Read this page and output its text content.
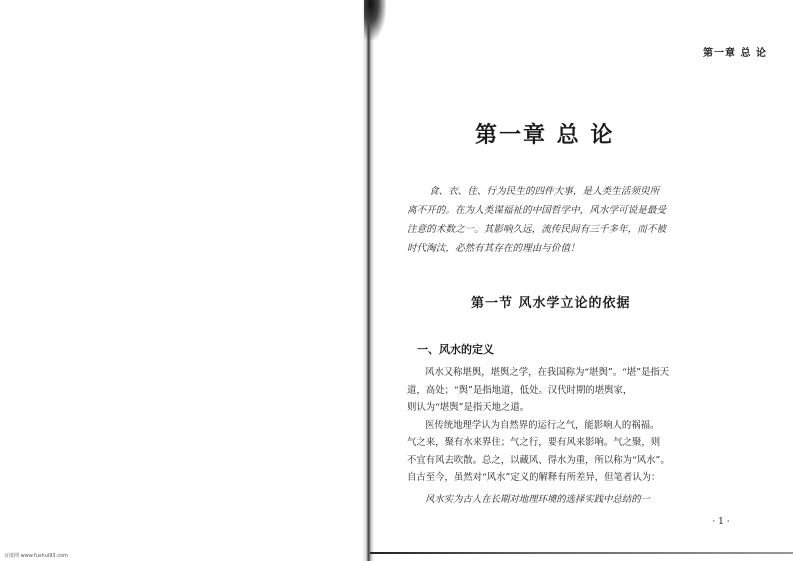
第一章 总 论
第一章 总 论
食、衣、住、行为民生的四件大事，是人类生活须臾所
离不开的。在为人类谋福祉的中国哲学中，风水学可说是最受
注意的术数之一。其影响久远，流传民间有三千多年，而不被
时代淘汰，必然有其存在的理由与价值！
第一节 风水学立论的依据
一、风水的定义

风水又称堪舆，堪舆之学，在我国称为“堪舆”。“堪”是指天

道，高处；“舆”是指地道，低处。汉代时期的堪舆家，

则认为“堪舆”是指天地之道。

医传统地理学认为自然界的运行之气，能影响人的祸福。

气之来，聚有水来界住；气之行，要有风来影响。气之聚，则

不宜有风去吹散。总之，以藏风、得水为重，所以称为“风水”。

自古至今，虽然对“风水”定义的解释有所差异，但笔者认为：

风水实为古人在长期对地理环境的选择实践中总结的一

· 1 ·
百度网 www.fushui93.com
